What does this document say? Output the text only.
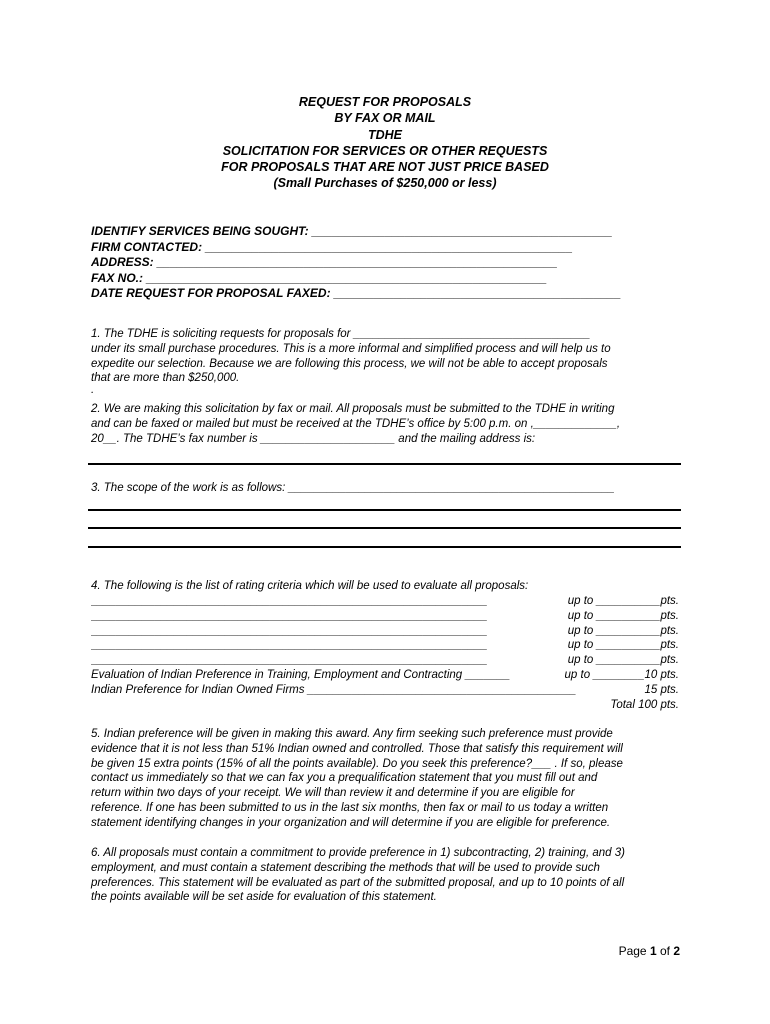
REQUEST FOR PROPOSALS
BY FAX OR MAIL
TDHE
SOLICITATION FOR SERVICES OR OTHER REQUESTS
FOR PROPOSALS THAT ARE NOT JUST PRICE BASED
(Small Purchases of $250,000 or less)
IDENTIFY SERVICES BEING SOUGHT: _____________________________________________
FIRM CONTACTED: _______________________________________________________
ADDRESS: ____________________________________________________________
FAX NO.: ____________________________________________________________
DATE REQUEST FOR PROPOSAL FAXED: ___________________________________________
1. The TDHE is soliciting requests for proposals for _____________________________________
under its small purchase procedures. This is a more informal and simplified process and will help us to
expedite our selection. Because we are following this process, we will not be able to accept proposals
that are more than $250,000.
.
2. We are making this solicitation by fax or mail. All proposals must be submitted to the TDHE in writing
and can be faxed or mailed but must be received at the TDHE’s office by 5:00 p.m. on ,_____________,
20__. The TDHE’s fax number is _____________________ and the mailing address is:
3. The scope of the work is as follows: ___________________________________________________
4. The following is the list of rating criteria which will be used to evaluate all proposals:
______________________________________________________________	up to __________pts.
______________________________________________________________	up to __________pts.
______________________________________________________________	up to __________pts.
______________________________________________________________	up to __________pts.
______________________________________________________________	up to __________pts.
Evaluation of Indian Preference in Training, Employment and Contracting _______	up to ________10 pts.
Indian Preference for Indian Owned Firms __________________________________________	15 pts.
Total 100 pts.
5. Indian preference will be given in making this award. Any firm seeking such preference must provide
evidence that it is not less than 51% Indian owned and controlled. Those that satisfy this requirement will
be given 15 extra points (15% of all the points available). Do you seek this preference?___ . If so, please
contact us immediately so that we can fax you a prequalification statement that you must fill out and
return within two days of your receipt. We will than review it and determine if you are eligible for
reference. If one has been submitted to us in the last six months, then fax or mail to us today a written
statement identifying changes in your organization and will determine if you are eligible for preference.
6. All proposals must contain a commitment to provide preference in 1) subcontracting, 2) training, and 3)
employment, and must contain a statement describing the methods that will be used to provide such
preferences. This statement will be evaluated as part of the submitted proposal, and up to 10 points of all
the points available will be set aside for evaluation of this statement.
Page 1 of 2
